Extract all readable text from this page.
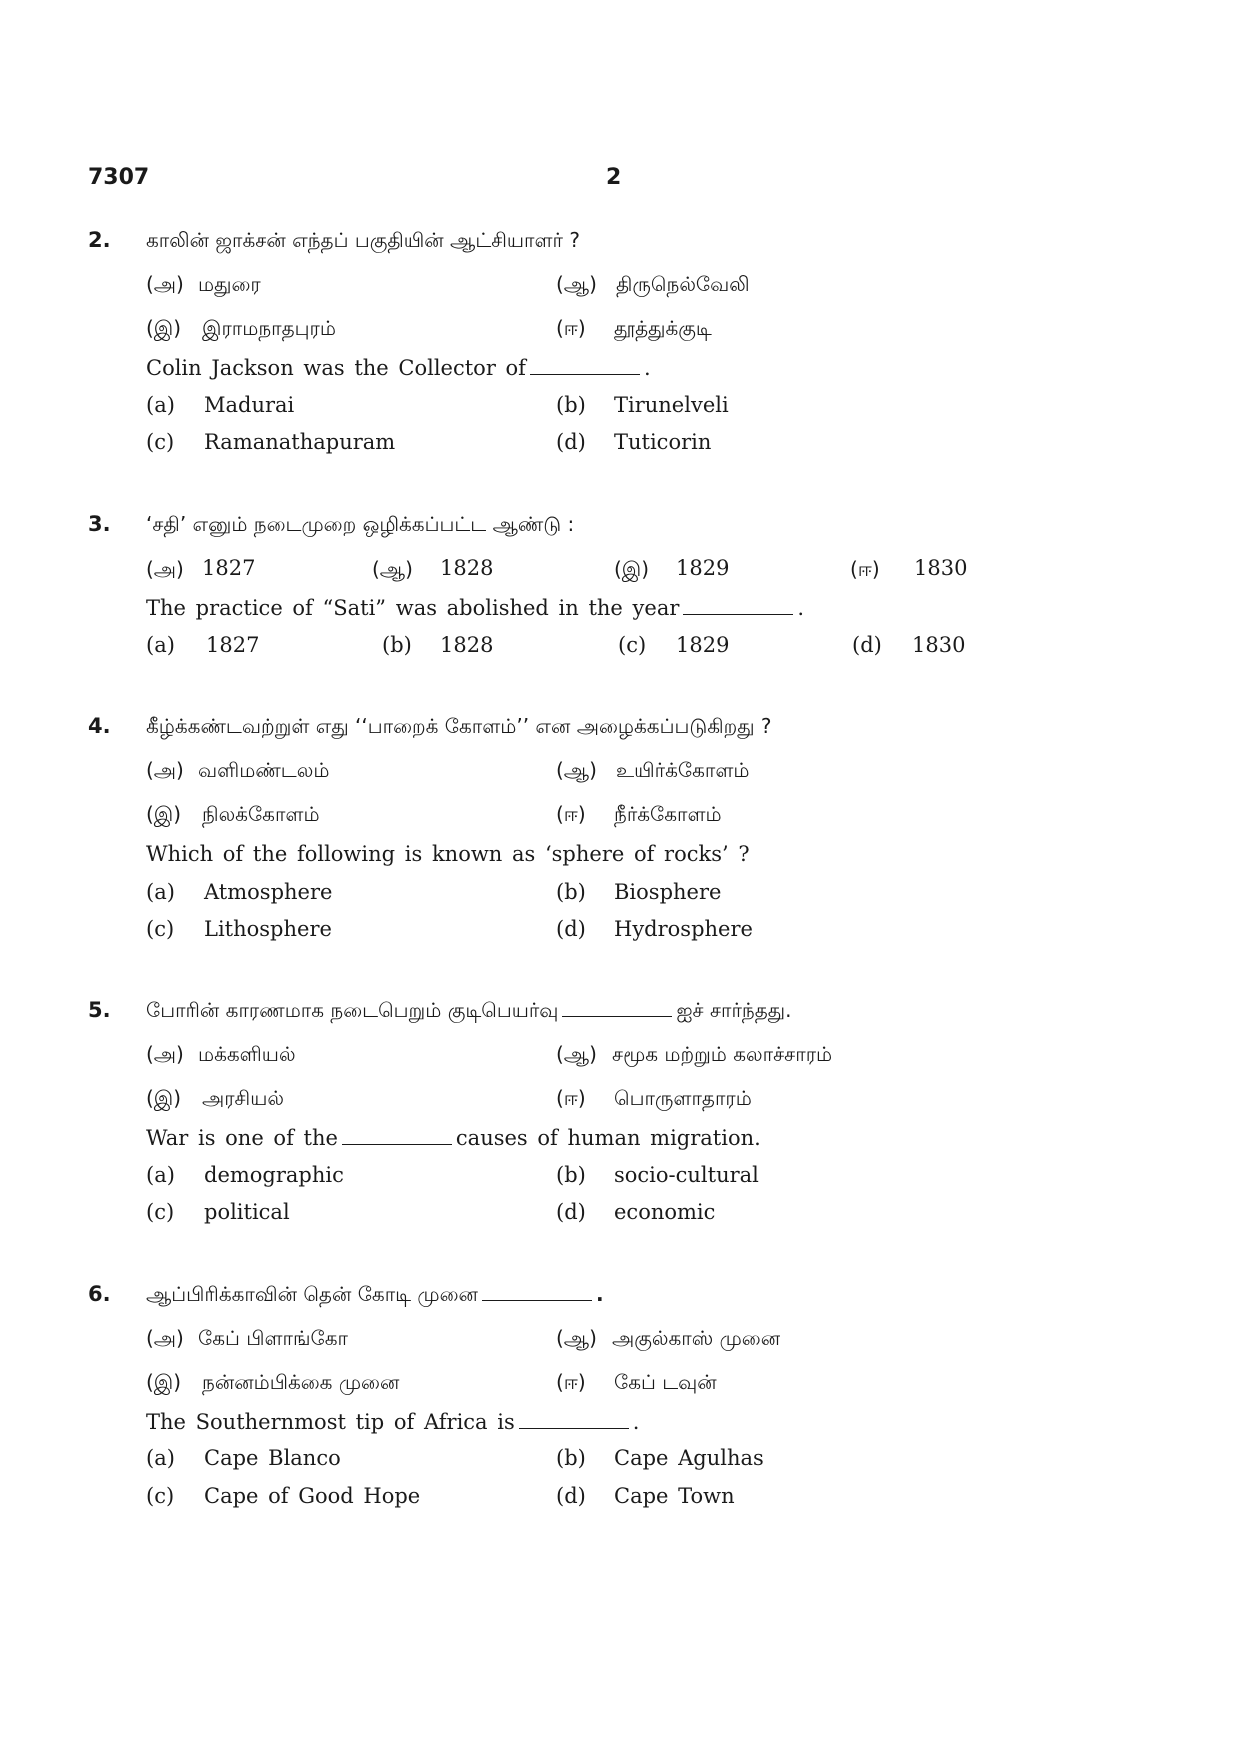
7307	2
2. காலின் ஜாக்சன் எந்தப் பகுதியின் ஆட்சியாளர் ?
(அ) மதுரை	(ஆ) திருநெல்வேலி
(இ) இராமநாதபுரம்	(ஈ) தூத்துக்குடி
Colin Jackson was the Collector of	.
(a) Madurai	(b) Tirunelveli
(c) Ramanathapuram	(d) Tuticorin
3. ‘சதி’ எனும் நடைமுறை ஒழிக்கப்பட்ட ஆண்டு :
(அ) 1827	(ஆ) 1828	(இ) 1829	(ஈ) 1830
The practice of “Sati” was abolished in the year	.
(a) 1827	(b) 1828	(c) 1829	(d) 1830
4. கீழ்க்கண்டவற்றுள் எது ‘‘பாறைக் கோளம்’’ என அழைக்கப்படுகிறது ?
(அ) வளிமண்டலம்	(ஆ) உயிர்க்கோளம்
(இ) நிலக்கோளம்	(ஈ) நீர்க்கோளம்
Which of the following is known as ‘sphere of rocks’ ?
(a) Atmosphere	(b) Biosphere
(c) Lithosphere	(d) Hydrosphere
5. போரின் காரணமாக நடைபெறும் குடிபெயர்வு	ஐச் சார்ந்தது.
(அ) மக்களியல்	(ஆ) சமூக மற்றும் கலாச்சாரம்
(இ) அரசியல்	(ஈ) பொருளாதாரம்
War is one of the	causes of human migration.
(a) demographic	(b) socio-cultural
(c) political	(d) economic
6. ஆப்பிரிக்காவின் தென் கோடி முனை	.
(அ) கேப் பிளாங்கோ	(ஆ) அகுல்காஸ் முனை
(இ) நன்னம்பிக்கை முனை	(ஈ) கேப் டவுன்
The Southernmost tip of Africa is	.
(a) Cape Blanco	(b) Cape Agulhas
(c) Cape of Good Hope	(d) Cape Town
